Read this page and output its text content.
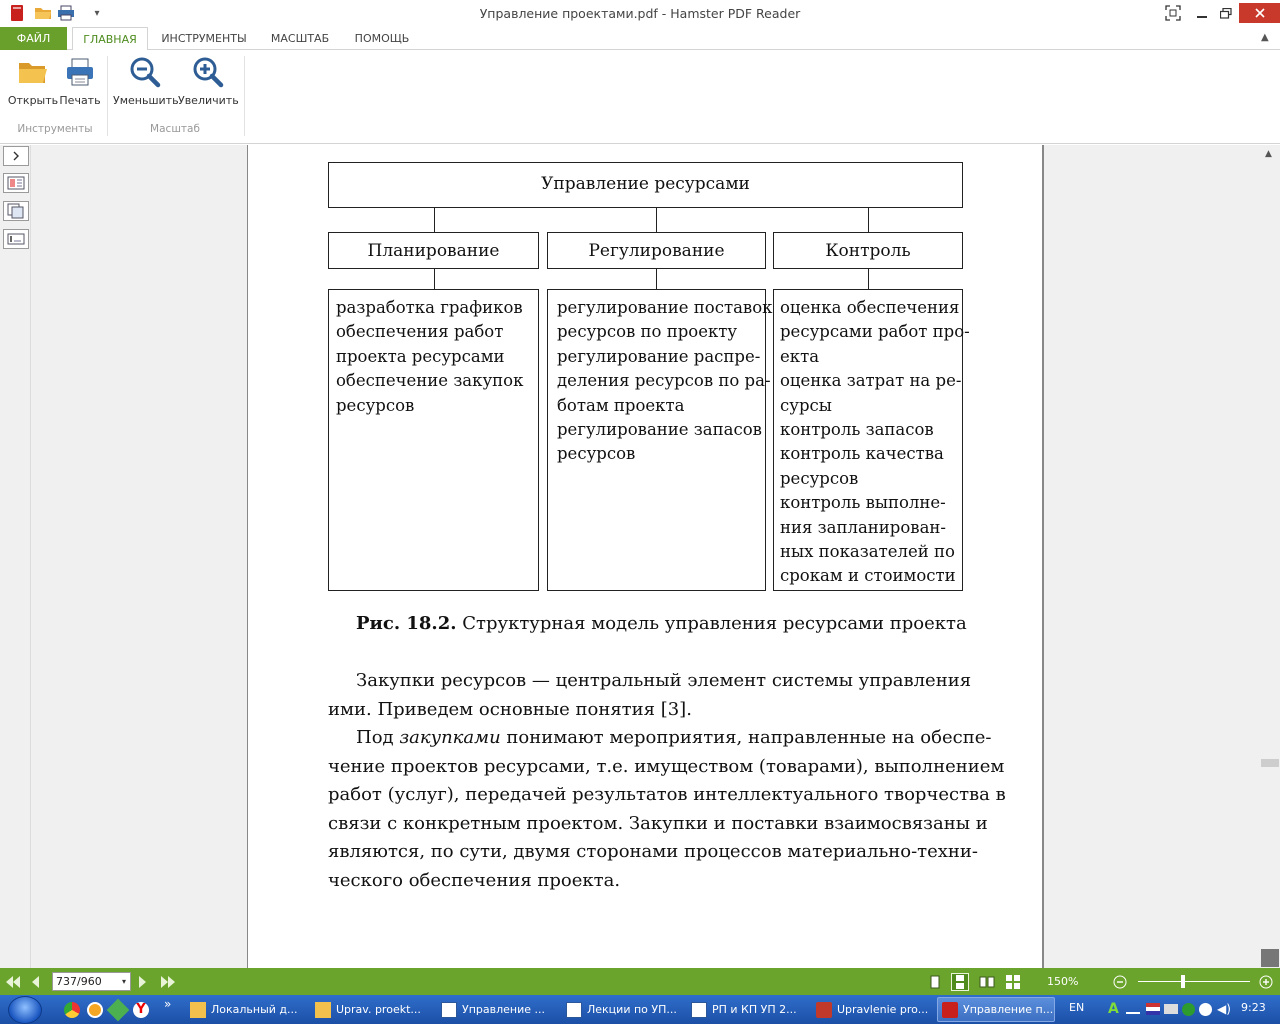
▾	Управление проектами.pdf - Hamster PDF Reader
ФАЙЛ	ГЛАВНАЯ	ИНСТРУМЕНТЫ	МАСШТАБ	ПОМОЩЬ	▲
Открыть Печать
Инструменты
Уменьшить Увеличить
Масштаб
Управление ресурсами
Планирование	Регулирование	Контроль
разработка графиков
обеспечения работ
проекта ресурсами
обеспечение закупок
ресурсов
регулирование поставок
ресурсов по проекту
регулирование распре-
деления ресурсов по ра-
ботам проекта
регулирование запасов
ресурсов
оценка обеспечения
ресурсами работ про-
екта
оценка затрат на ре-
сурсы
контроль запасов
контроль качества
ресурсов
контроль выполне-
ния запланирован-
ных показателей по
срокам и стоимости
Рис. 18.2. Структурная модель управления ресурсами проекта
Закупки ресурсов — центральный элемент системы управления
ими. Приведем основные понятия [3].
Под закупками понимают мероприятия, направленные на обеспе-
чение проектов ресурсами, т.е. имуществом (товарами), выполнением
работ (услуг), передачей результатов интеллектуального творчества в
связи с конкретным проектом. Закупки и поставки взаимосвязаны и
являются, по сути, двумя сторонами процессов материально-техни-
ческого обеспечения проекта.
▲
737/960	▾	150%
Y »	Локальный д...	Uprav. proekt...	Управление ...	Лекции по УП...	РП и КП УП 2...	Upravlenie pro...	Управление п... EN A	◀) 9:23
